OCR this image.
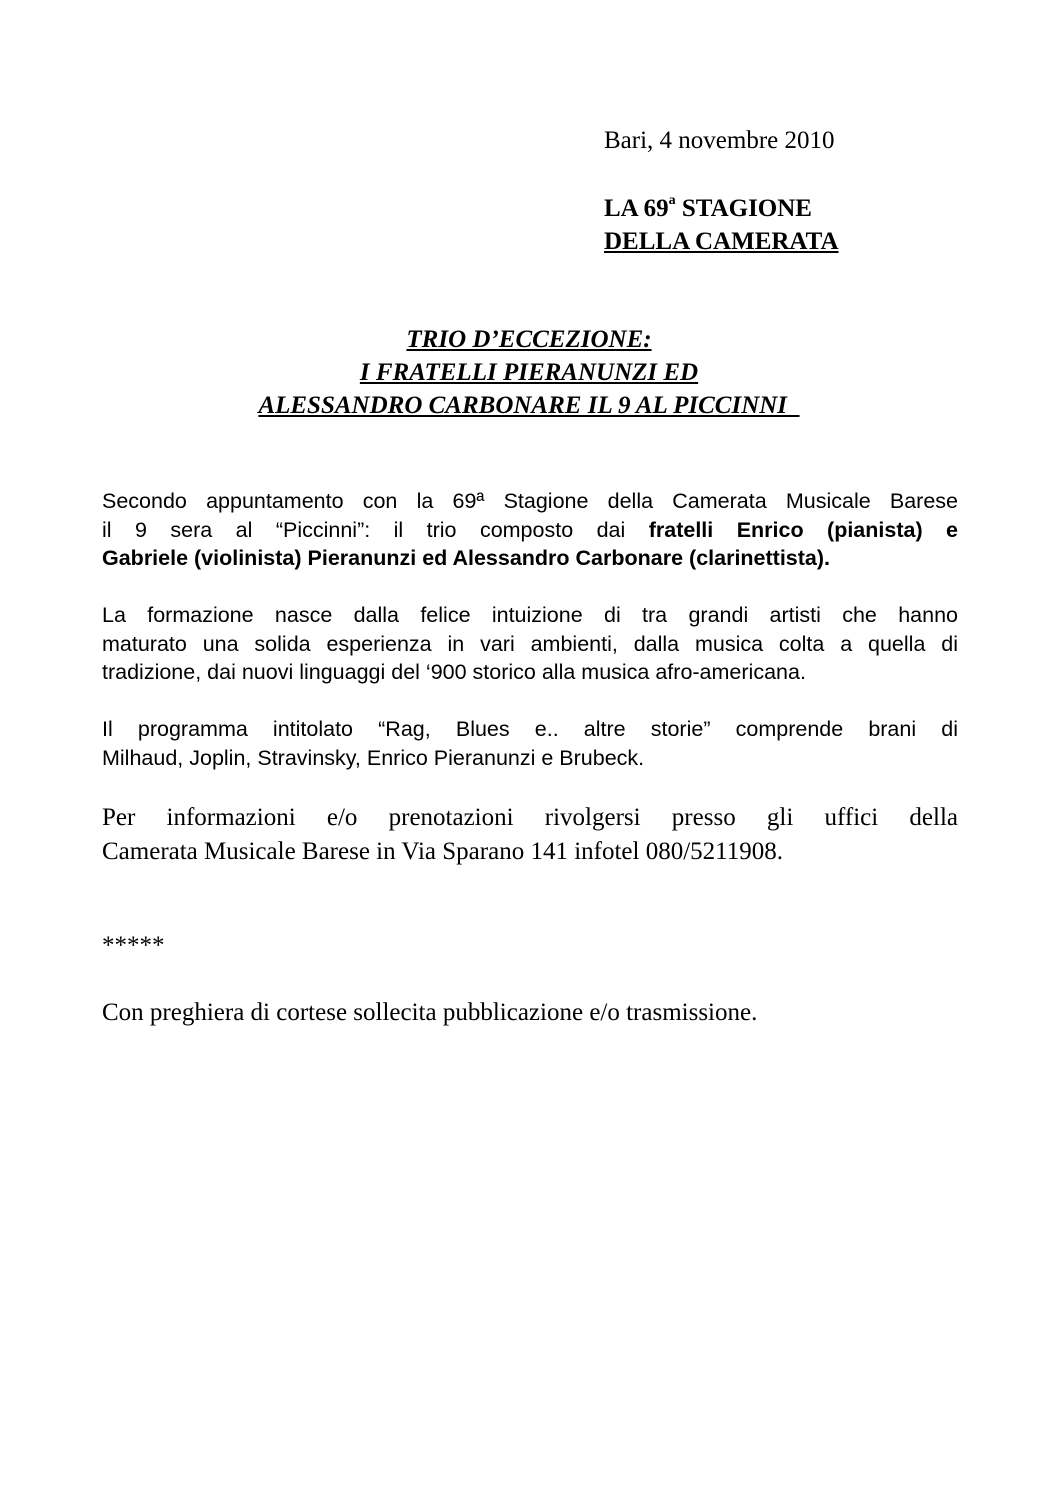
Bari, 4 novembre 2010

LA 69$^a$ STAGIONE
DELLA CAMERATA
TRIO D’ECCEZIONE:
I FRATELLI PIERANUNZI ED
ALESSANDRO CARBONARE IL 9 AL PICCINNI
Secondo appuntamento con la 69ª Stagione della Camerata Musicale Barese
il 9 sera al “Piccinni”: il trio composto dai fratelli Enrico (pianista) e
Gabriele (violinista) Pieranunzi ed Alessandro Carbonare (clarinettista).
La formazione nasce dalla felice intuizione di tra grandi artisti che hanno
maturato una solida esperienza in vari ambienti, dalla musica colta a quella di
tradizione, dai nuovi linguaggi del ‘900 storico alla musica afro-americana.
Il programma intitolato “Rag, Blues e.. altre storie” comprende brani di
Milhaud, Joplin, Stravinsky, Enrico Pieranunzi e Brubeck.
Per informazioni e/o prenotazioni rivolgersi presso gli uffici della
Camerata Musicale Barese in Via Sparano 141 infotel 080/5211908.

*****

Con preghiera di cortese sollecita pubblicazione e/o trasmissione.
